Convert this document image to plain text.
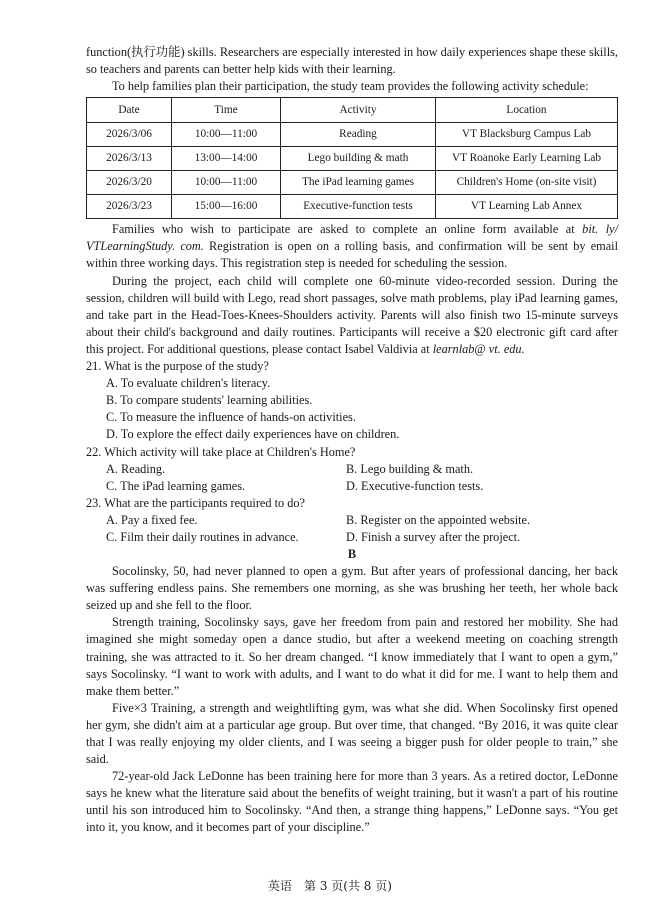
function(执行功能) skills. Researchers are especially interested in how daily experiences shape these skills, so teachers and parents can better help kids with their learning.

To help families plan their participation, the study team provides the following activity schedule:

Date	Time	Activity	Location
2026/3/06	10:00—11:00	Reading	VT Blacksburg Campus Lab
2026/3/13	13:00—14:00	Lego building & math	VT Roanoke Early Learning Lab
2026/3/20	10:00—11:00	The iPad learning games	Children's Home (on-site visit)
2026/3/23	15:00—16:00	Executive-function tests	VT Learning Lab Annex

Families who wish to participate are asked to complete an online form available at bit. ly/ VTLearningStudy. com. Registration is open on a rolling basis, and confirmation will be sent by email within three working days. This registration step is needed for scheduling the session.

During the project, each child will complete one 60-minute video-recorded session. During the session, children will build with Lego, read short passages, solve math problems, play iPad learning games, and take part in the Head-Toes-Knees-Shoulders activity. Parents will also finish two 15-minute surveys about their child's background and daily routines. Participants will receive a $20 electronic gift card after this project. For additional questions, please contact Isabel Valdivia at learnlab@ vt. edu.

21. What is the purpose of the study?

A. To evaluate children's literacy.

B. To compare students' learning abilities.

C. To measure the influence of hands-on activities.

D. To explore the effect daily experiences have on children.

22. Which activity will take place at Children's Home?

A. Reading.	B. Lego building & math.
C. The iPad learning games.	D. Executive-function tests.

23. What are the participants required to do?

A. Pay a fixed fee.	B. Register on the appointed website.
C. Film their daily routines in advance.	D. Finish a survey after the project.
B

Socolinsky, 50, had never planned to open a gym. But after years of professional dancing, her back was suffering endless pains. She remembers one morning, as she was brushing her teeth, her whole back seized up and she fell to the floor.

Strength training, Socolinsky says, gave her freedom from pain and restored her mobility. She had imagined she might someday open a dance studio, but after a weekend meeting on coaching strength training, she was attracted to it. So her dream changed. “I know immediately that I want to open a gym,” says Socolinsky. “I want to work with adults, and I want to do what it did for me. I want to help them and make them better.”

Five×3 Training, a strength and weightlifting gym, was what she did. When Socolinsky first opened her gym, she didn't aim at a particular age group. But over time, that changed. “By 2016, it was quite clear that I was really enjoying my older clients, and I was seeing a bigger push for older people to train,” she said.

72-year-old Jack LeDonne has been training here for more than 3 years. As a retired doctor, LeDonne says he knew what the literature said about the benefits of weight training, but it wasn't a part of his routine until his son introduced him to Socolinsky. “And then, a strange thing happens,” LeDonne says. “You get into it, you know, and it becomes part of your discipline.”

英语　第 3 页(共 8 页)
